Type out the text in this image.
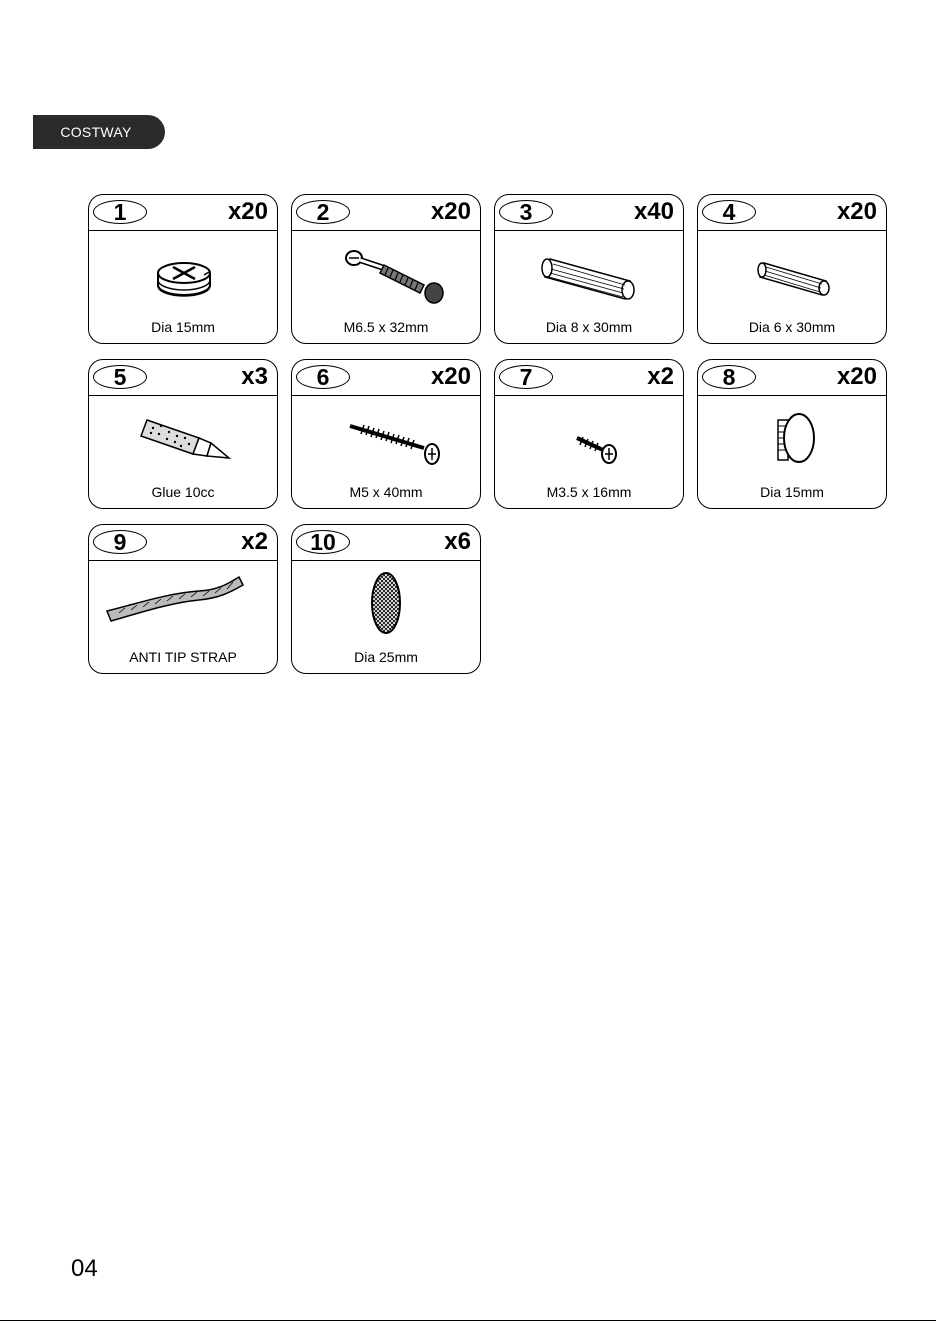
COSTWAY
1	x20
Dia 15mm
2	x20
M6.5 x 32mm
3	x40
Dia 8 x 30mm
4	x20
Dia 6 x 30mm
5	x3
Glue 10cc
6	x20
M5 x 40mm
7	x2
M3.5 x 16mm
8	x20
Dia 15mm
9	x2
ANTI TIP STRAP
10	x6
Dia 25mm
04
